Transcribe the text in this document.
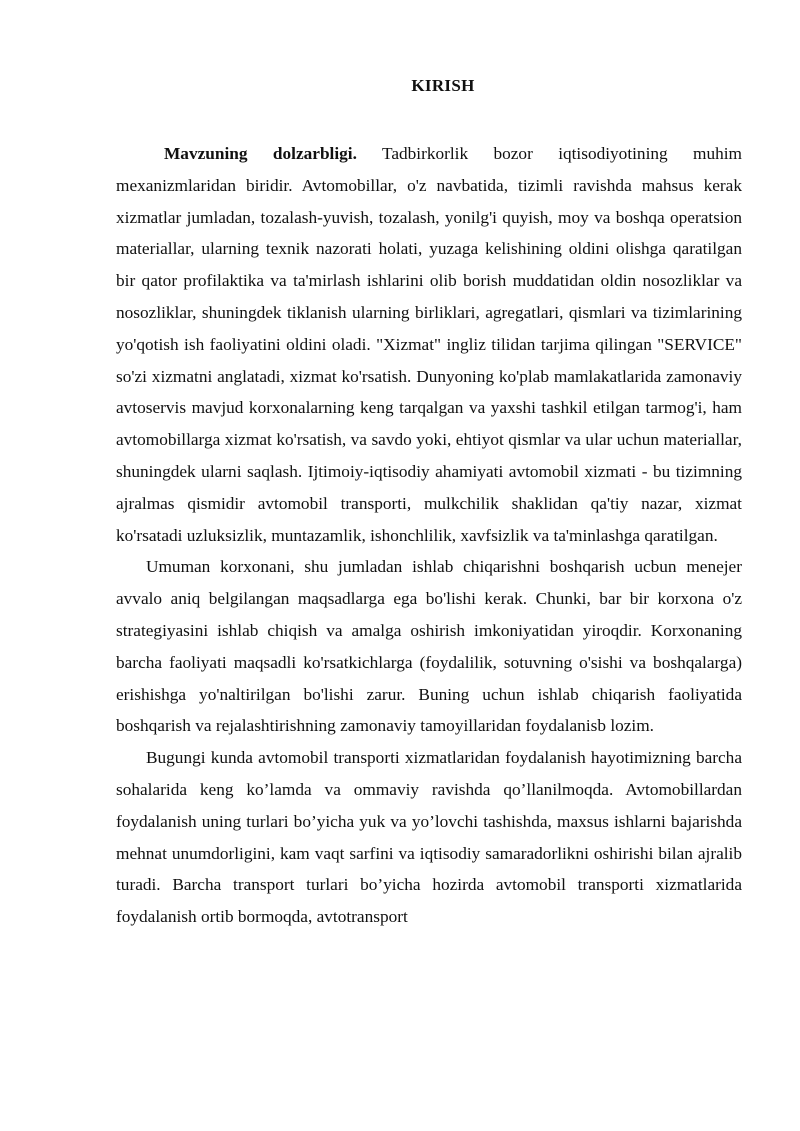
KIRISH

Mavzuning dolzarbligi. Tadbirkorlik bozor iqtisodiyotining muhim mexanizmlaridan biridir. Avtomobillar, o'z navbatida, tizimli ravishda mahsus kerak xizmatlar jumladan, tozalash-yuvish, tozalash, yonilg'i quyish, moy va boshqa operatsion materiallar, ularning texnik nazorati holati, yuzaga kelishining oldini olishga qaratilgan bir qator profilaktika va ta'mirlash ishlarini olib borish muddatidan oldin nosozliklar va nosozliklar, shuningdek tiklanish ularning birliklari, agregatlari, qismlari va tizimlarining yo'qotish ish faoliyatini oldini oladi. "Xizmat" ingliz tilidan tarjima qilingan "SERVICE" so'zi xizmatni anglatadi, xizmat ko'rsatish. Dunyoning ko'plab mamlakatlarida zamonaviy avtoservis mavjud korxonalarning keng tarqalgan va yaxshi tashkil etilgan tarmog'i, ham avtomobillarga xizmat ko'rsatish, va savdo yoki, ehtiyot qismlar va ular uchun materiallar, shuningdek ularni saqlash. Ijtimoiy-iqtisodiy ahamiyati avtomobil xizmati - bu tizimning ajralmas qismidir avtomobil transporti, mulkchilik shaklidan qa'tiy nazar, xizmat ko'rsatadi uzluksizlik, muntazamlik, ishonchlilik, xavfsizlik va ta'minlashga qaratilgan.

Umuman korxonani, shu jumladan ishlab chiqarishni boshqarish ucbun menejer avvalo aniq belgilangan maqsadlarga ega bo'lishi kerak. Chunki, bar bir korxona o'z strategiyasini ishlab chiqish va amalga oshirish imkoniyatidan yiroqdir. Korxonaning barcha faoliyati maqsadli ko'rsatkichlarga (foydalilik, sotuvning o'sishi va boshqalarga) erishishga yo'naltirilgan bo'lishi zarur. Buning uchun ishlab chiqarish faoliyatida boshqarish va rejalashtirishning zamonaviy tamoyillaridan foydalanisb lozim.

Bugungi kunda avtomobil transporti xizmatlaridan foydalanish hayotimizning barcha sohalarida keng ko’lamda va ommaviy ravishda qo’llanilmoqda. Avtomobillardan foydalanish uning turlari bo’yicha yuk va yo’lovchi tashishda, maxsus ishlarni bajarishda mehnat unumdorligini, kam vaqt sarfini va iqtisodiy samaradorlikni oshirishi bilan ajralib turadi. Barcha transport turlari bo’yicha hozirda avtomobil transporti xizmatlarida foydalanish ortib bormoqda, avtotransport
